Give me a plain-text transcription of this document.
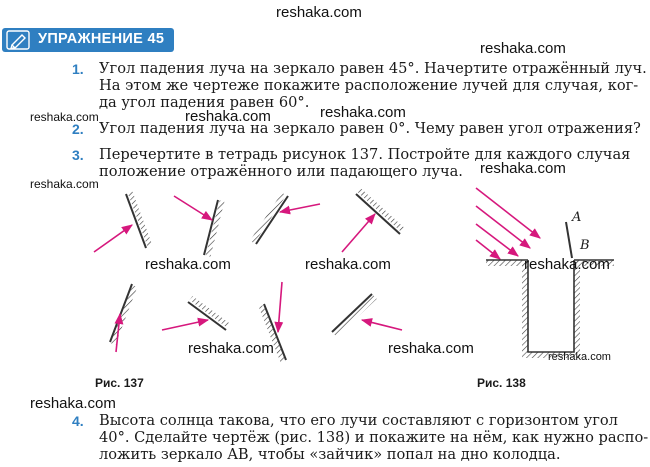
reshaka.com
УПРАЖНЕНИЕ 45
reshaka.com
1. Угол падения луча на зеркало равен 45°. Начертите отражённый луч.
На этом же чертеже покажите расположение лучей для случая, ког-
да угол падения равен 60°.
reshaka.com	reshaka.com	reshaka.com
2. Угол падения луча на зеркало равен 0°. Чему равен угол отражения?
3. Перечертите в тетрадь рисунок 137. Постройте для каждого случая
положение отражённого или падающего луча.
reshaka.com
reshaka.com
reshaka.com	reshaka.com
reshaka.com	reshaka.com
Рис. 137
A
B
reshaka.com
reshaka.com
Рис. 138
reshaka.com
4. Высота солнца такова, что его лучи составляют с горизонтом угол
40°. Сделайте чертёж (рис. 138) и покажите на нём, как нужно распо-
ложить зеркало AB, чтобы «зайчик» попал на дно колодца.
